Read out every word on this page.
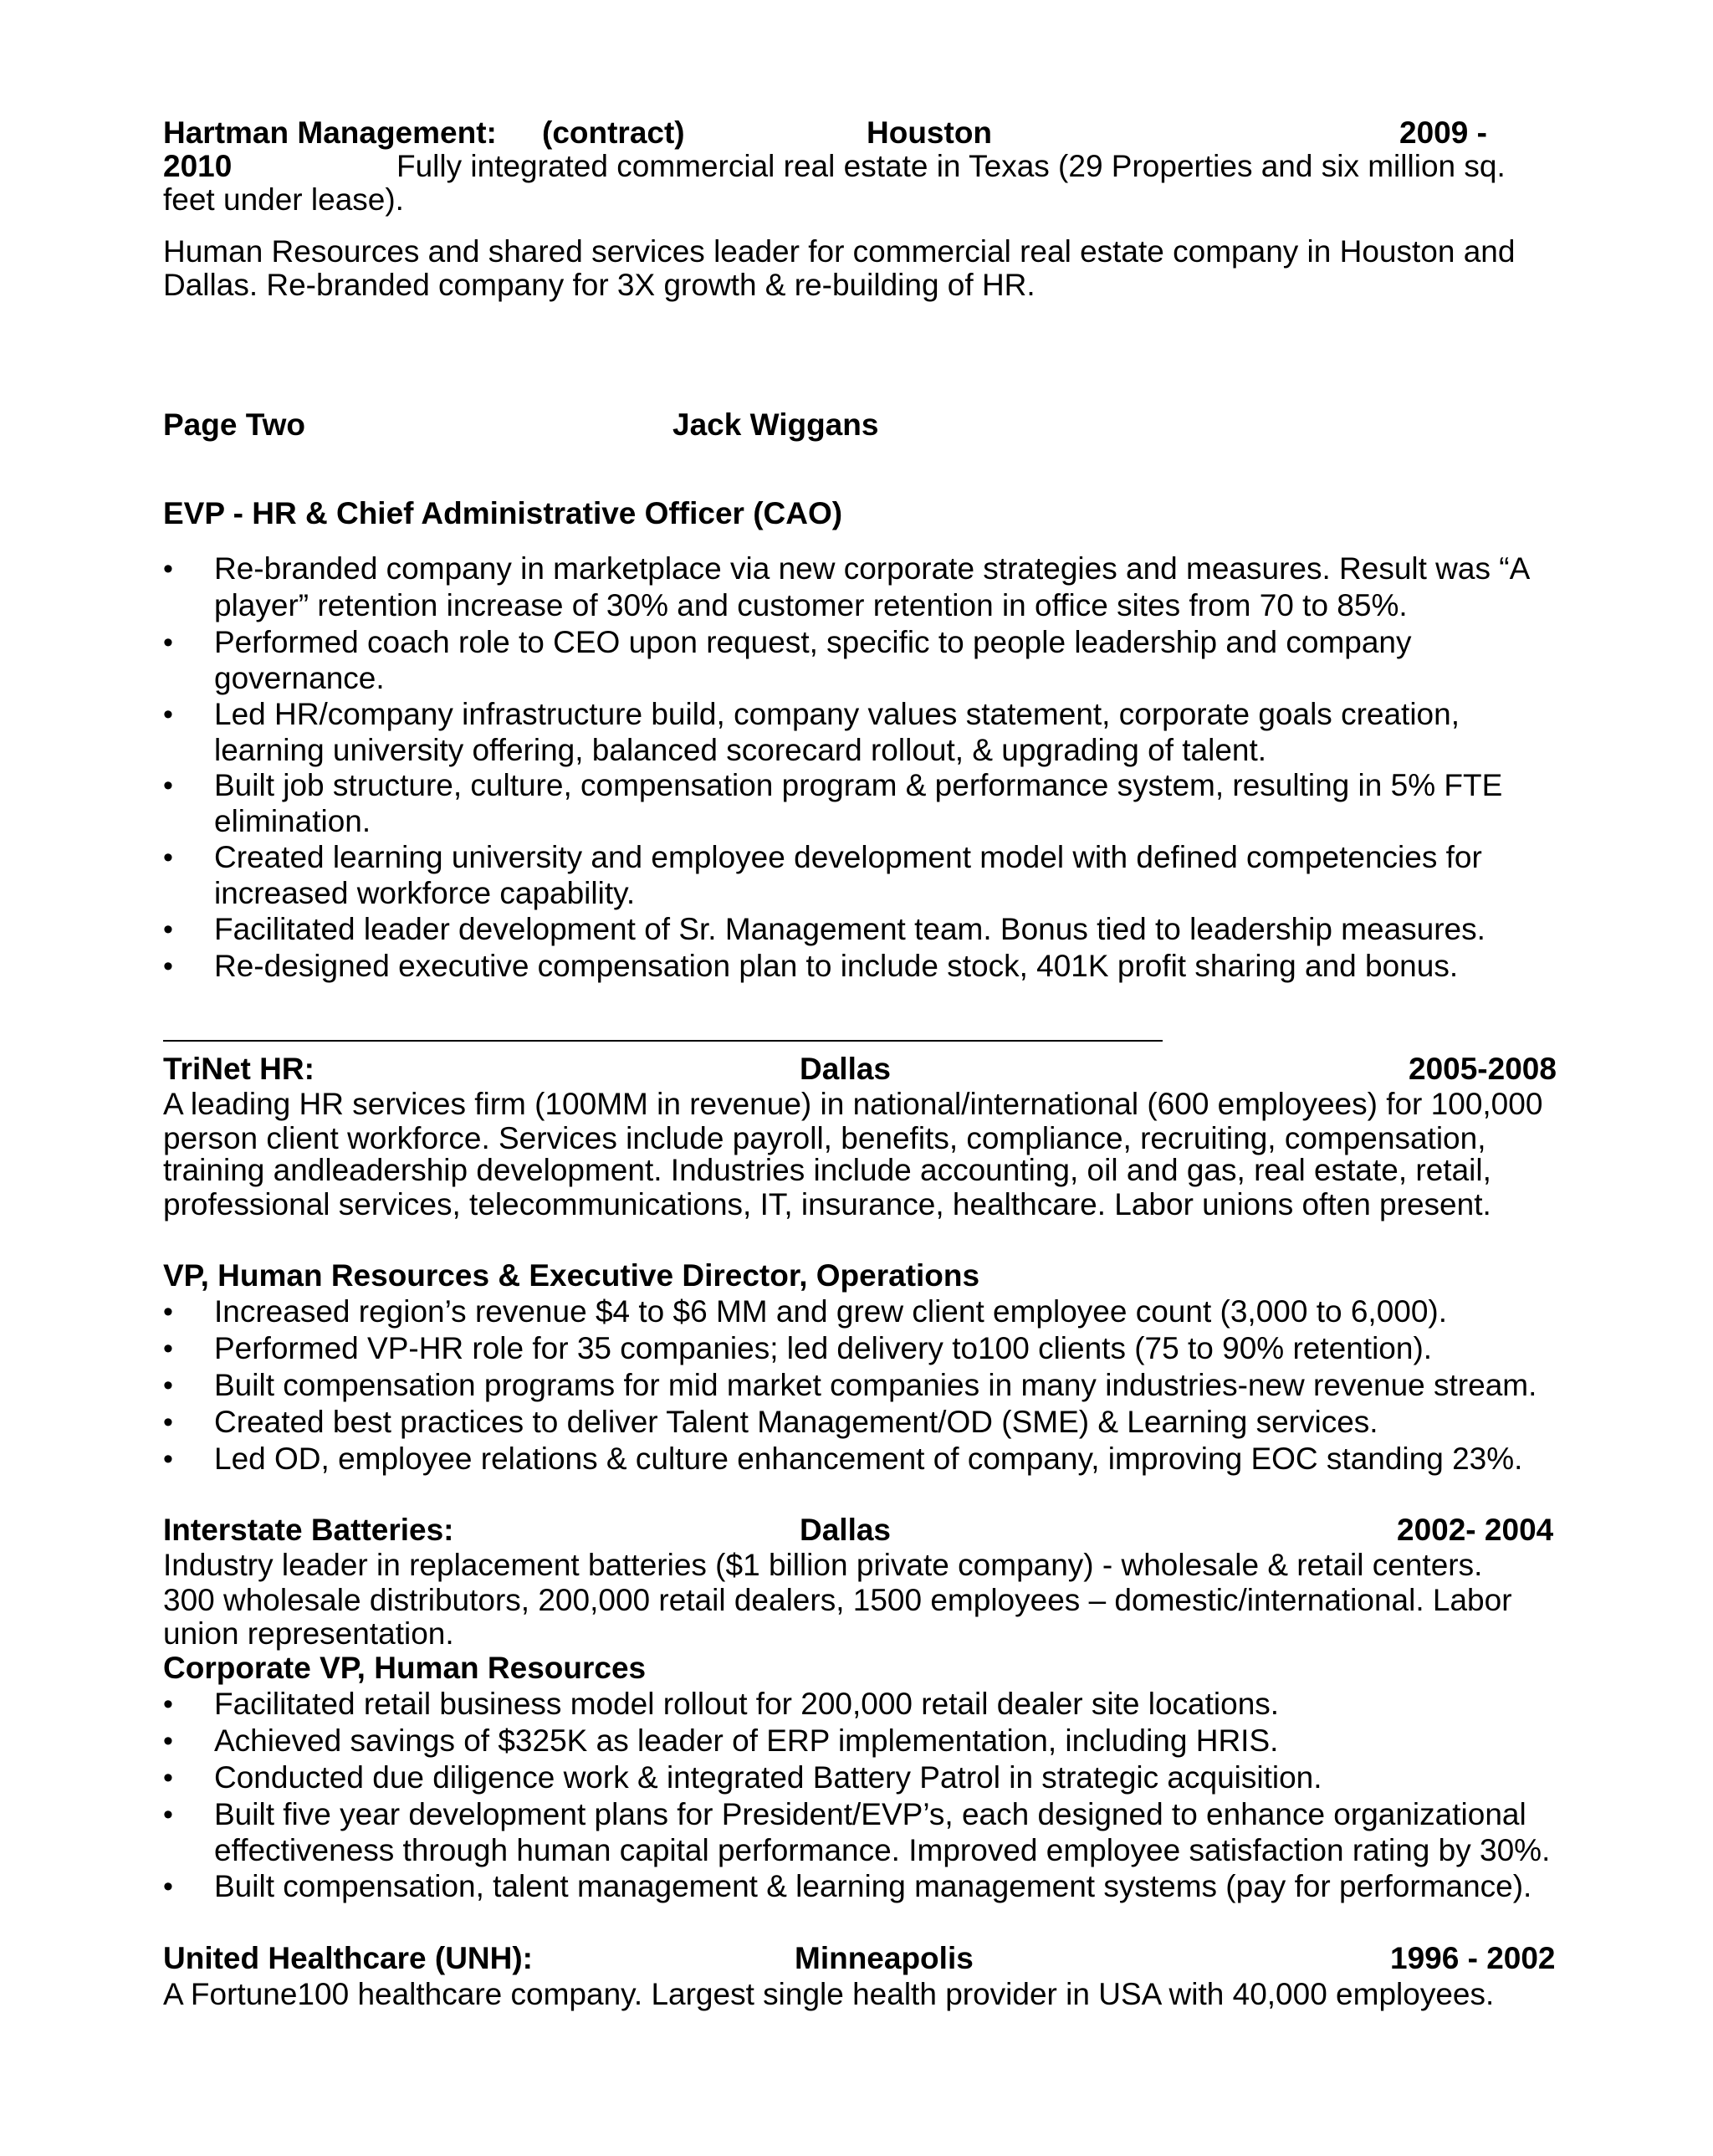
Hartman Management: (contract)	Houston	2009 -
2010	Fully integrated commercial real estate in Texas (29 Properties and six million sq.
feet under lease).
Human Resources and shared services leader for commercial real estate company in Houston and
Dallas. Re-branded company for 3X growth & re-building of HR.
Page Two	Jack Wiggans
EVP - HR & Chief Administrative Officer (CAO)
• Re-branded company in marketplace via new corporate strategies and measures. Result was “A
player” retention increase of 30% and customer retention in office sites from 70 to 85%.
• Performed coach role to CEO upon request, specific to people leadership and company
governance.
• Led HR/company infrastructure build, company values statement, corporate goals creation,
learning university offering, balanced scorecard rollout, & upgrading of talent.
• Built job structure, culture, compensation program & performance system, resulting in 5% FTE
elimination.
• Created learning university and employee development model with defined competencies for
increased workforce capability.
• Facilitated leader development of Sr. Management team. Bonus tied to leadership measures.
• Re-designed executive compensation plan to include stock, 401K profit sharing and bonus.
TriNet HR:	Dallas	2005-2008
A leading HR services firm (100MM in revenue) in national/international (600 employees) for 100,000
person client workforce. Services include payroll, benefits, compliance, recruiting, compensation,
training andleadership development. Industries include accounting, oil and gas, real estate, retail,
professional services, telecommunications, IT, insurance, healthcare. Labor unions often present.
VP, Human Resources & Executive Director, Operations
• Increased region’s revenue $4 to $6 MM and grew client employee count (3,000 to 6,000).
• Performed VP-HR role for 35 companies; led delivery to100 clients (75 to 90% retention).
• Built compensation programs for mid market companies in many industries-new revenue stream.
• Created best practices to deliver Talent Management/OD (SME) & Learning services.
• Led OD, employee relations & culture enhancement of company, improving EOC standing 23%.
Interstate Batteries:	Dallas	2002- 2004
Industry leader in replacement batteries ($1 billion private company) - wholesale & retail centers.
300 wholesale distributors, 200,000 retail dealers, 1500 employees – domestic/international. Labor
union representation.
Corporate VP, Human Resources
• Facilitated retail business model rollout for 200,000 retail dealer site locations.
• Achieved savings of $325K as leader of ERP implementation, including HRIS.
• Conducted due diligence work & integrated Battery Patrol in strategic acquisition.
• Built five year development plans for President/EVP’s, each designed to enhance organizational
effectiveness through human capital performance. Improved employee satisfaction rating by 30%.
• Built compensation, talent management & learning management systems (pay for performance).
United Healthcare (UNH):	Minneapolis	1996 - 2002
A Fortune100 healthcare company. Largest single health provider in USA with 40,000 employees.
